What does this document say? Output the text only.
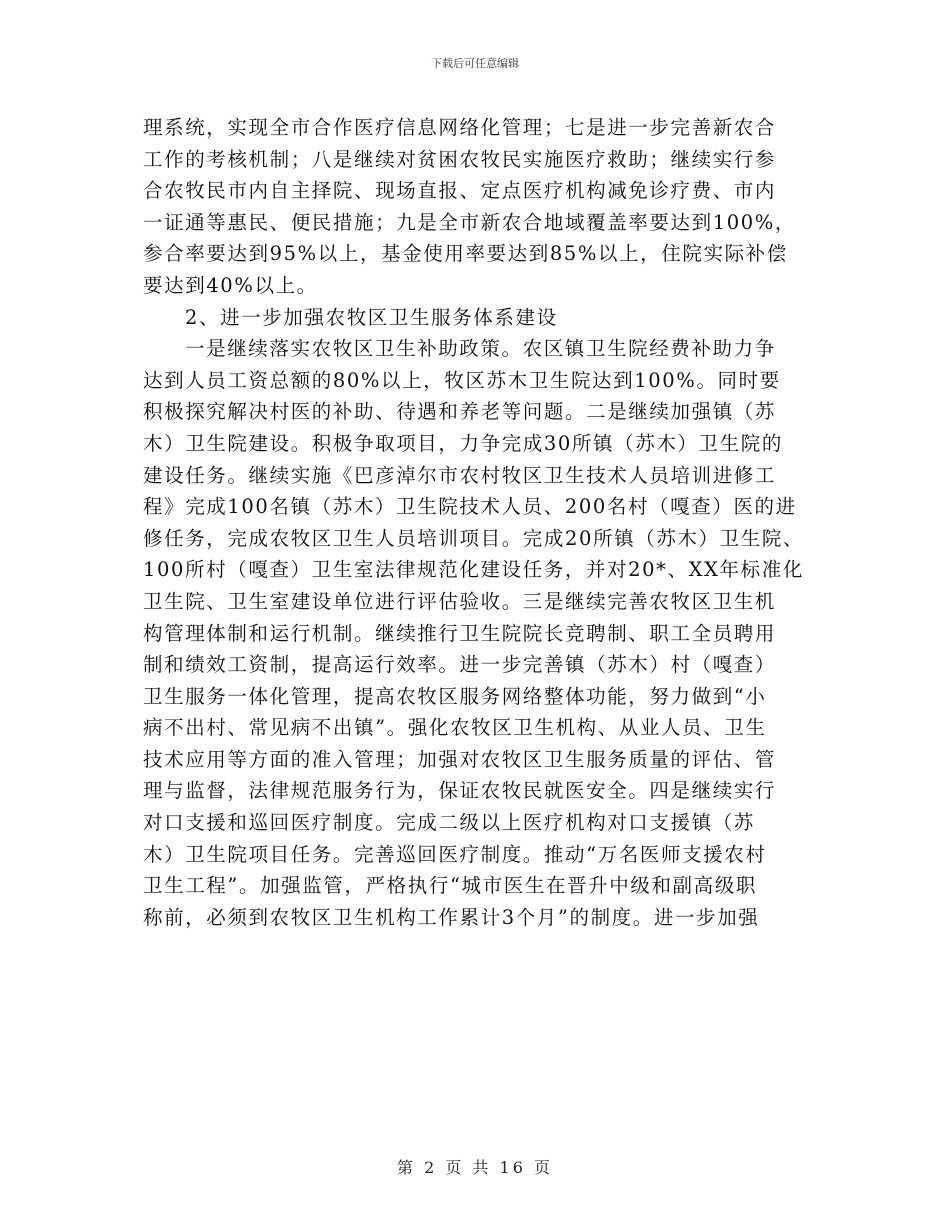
下载后可任意编辑
理系统，实现全市合作医疗信息网络化管理；七是进一步完善新农合
工作的考核机制；八是继续对贫困农牧民实施医疗救助；继续实行参
合农牧民市内自主择院、现场直报、定点医疗机构减免诊疗费、市内
一证通等惠民、便民措施；九是全市新农合地域覆盖率要达到100%，
参合率要达到95%以上，基金使用率要达到85%以上，住院实际补偿
要达到40%以上。
2、进一步加强农牧区卫生服务体系建设
一是继续落实农牧区卫生补助政策。农区镇卫生院经费补助力争
达到人员工资总额的80%以上，牧区苏木卫生院达到100%。同时要
积极探究解决村医的补助、待遇和养老等问题。二是继续加强镇（苏
木）卫生院建设。积极争取项目，力争完成30所镇（苏木）卫生院的
建设任务。继续实施《巴彦淖尔市农村牧区卫生技术人员培训进修工
程》完成100名镇（苏木）卫生院技术人员、200名村（嘎查）医的进
修任务，完成农牧区卫生人员培训项目。完成20所镇（苏木）卫生院、
100所村（嘎查）卫生室法律规范化建设任务，并对20*、XX年标准化
卫生院、卫生室建设单位进行评估验收。三是继续完善农牧区卫生机
构管理体制和运行机制。继续推行卫生院院长竞聘制、职工全员聘用
制和绩效工资制，提高运行效率。进一步完善镇（苏木）村（嘎查）
卫生服务一体化管理，提高农牧区服务网络整体功能，努力做到“小
病不出村、常见病不出镇”。强化农牧区卫生机构、从业人员、卫生
技术应用等方面的准入管理；加强对农牧区卫生服务质量的评估、管
理与监督，法律规范服务行为，保证农牧民就医安全。四是继续实行
对口支援和巡回医疗制度。完成二级以上医疗机构对口支援镇（苏
木）卫生院项目任务。完善巡回医疗制度。推动“万名医师支援农村
卫生工程”。加强监管，严格执行“城市医生在晋升中级和副高级职
称前，必须到农牧区卫生机构工作累计3个月”的制度。进一步加强
第 2 页 共 16 页
